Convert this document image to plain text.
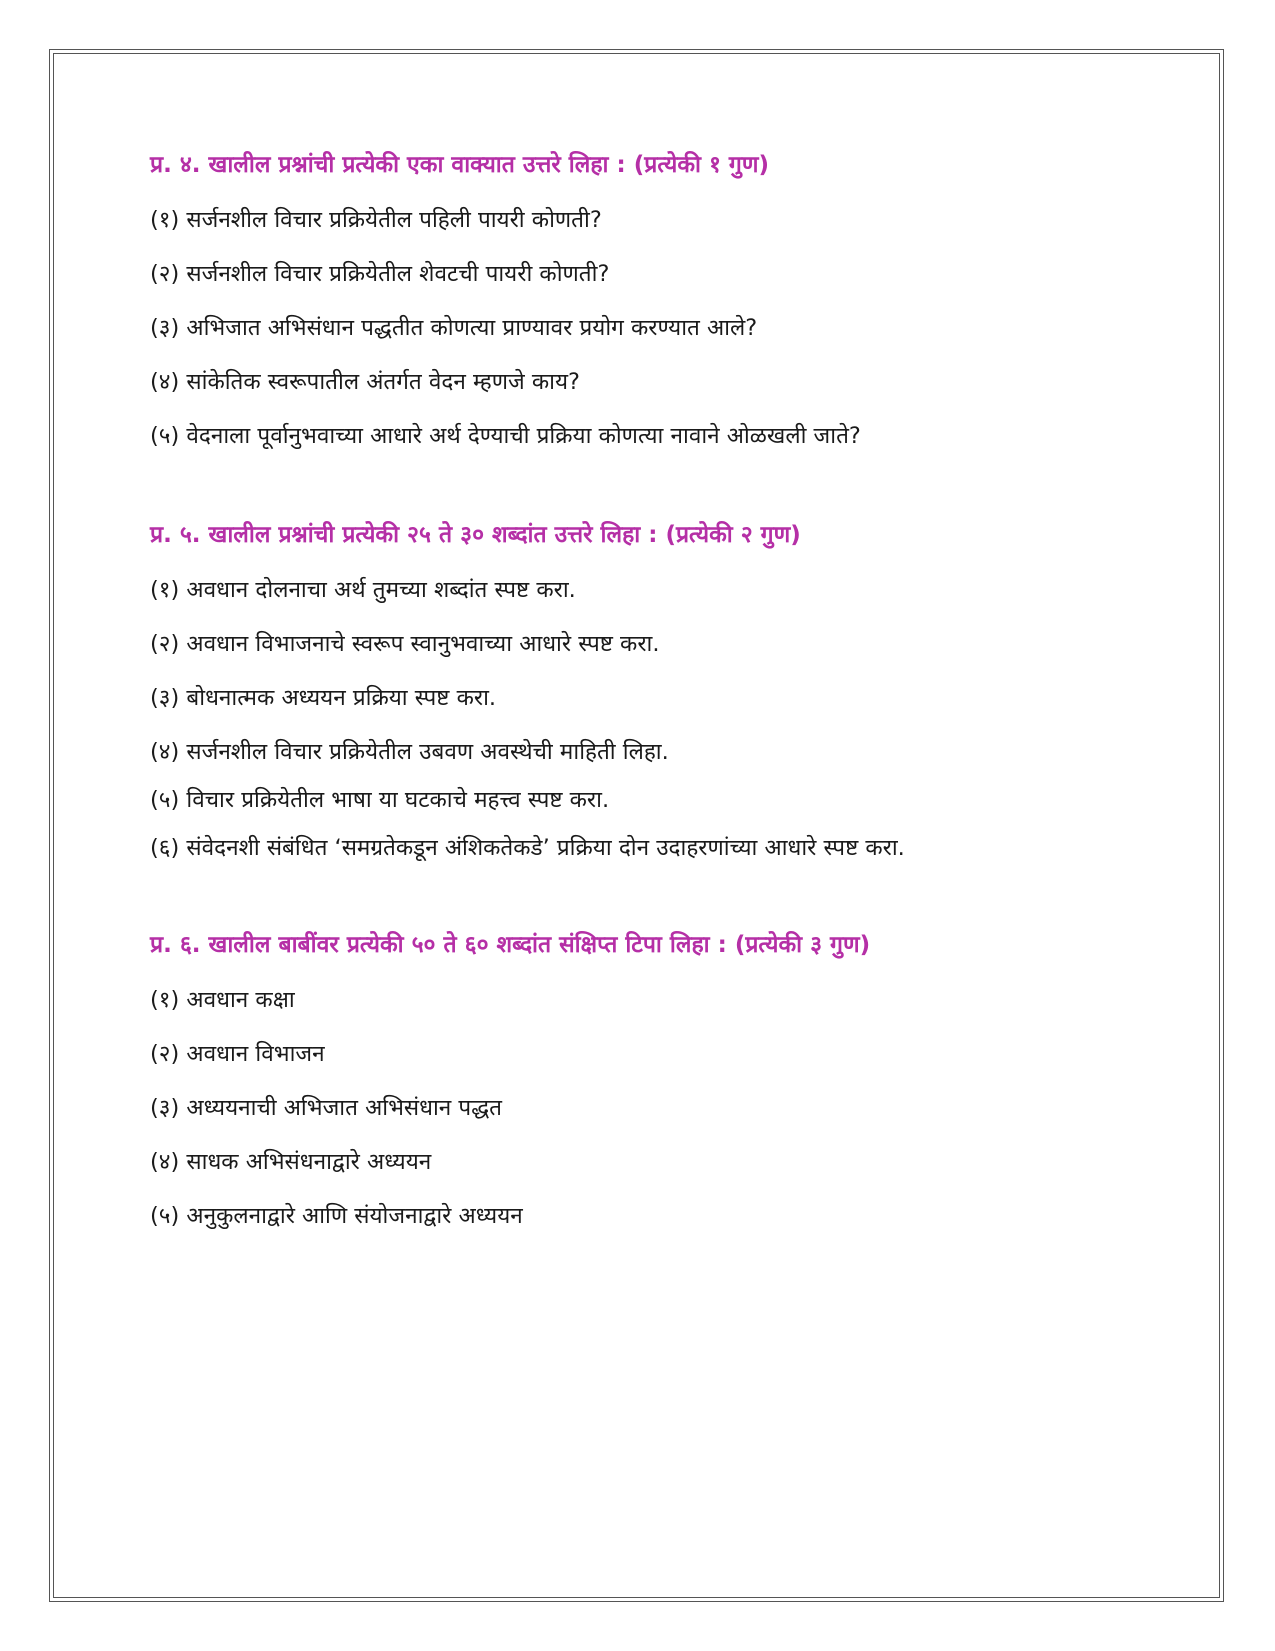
प्र. ४. खालील प्रश्नांची प्रत्येकी एका वाक्यात उत्तरे लिहा : (प्रत्येकी १ गुण)
(१) सर्जनशील विचार प्रक्रियेतील पहिली पायरी कोणती?
(२) सर्जनशील विचार प्रक्रियेतील शेवटची पायरी कोणती?
(३) अभिजात अभिसंधान पद्धतीत कोणत्या प्राण्यावर प्रयोग करण्यात आले?
(४) सांकेतिक स्वरूपातील अंतर्गत वेदन म्हणजे काय?
(५) वेदनाला पूर्वानुभवाच्या आधारे अर्थ देण्याची प्रक्रिया कोणत्या नावाने ओळखली जाते?
प्र. ५. खालील प्रश्नांची प्रत्येकी २५ ते ३० शब्दांत उत्तरे लिहा : (प्रत्येकी २ गुण)
(१) अवधान दोलनाचा अर्थ तुमच्या शब्दांत स्पष्ट करा.
(२) अवधान विभाजनाचे स्वरूप स्वानुभवाच्या आधारे स्पष्ट करा.
(३) बोधनात्मक अध्ययन प्रक्रिया स्पष्ट करा.
(४) सर्जनशील विचार प्रक्रियेतील उबवण अवस्थेची माहिती लिहा.
(५) विचार प्रक्रियेतील भाषा या घटकाचे महत्त्व स्पष्ट करा.
(६) संवेदनशी संबंधित ‘समग्रतेकडून अंशिकतेकडे’ प्रक्रिया दोन उदाहरणांच्या आधारे स्पष्ट करा.
प्र. ६. खालील बाबींवर प्रत्येकी ५० ते ६० शब्दांत संक्षिप्त टिपा लिहा : (प्रत्येकी ३ गुण)
(१) अवधान कक्षा
(२) अवधान विभाजन
(३) अध्ययनाची अभिजात अभिसंधान पद्धत
(४) साधक अभिसंधनाद्वारे अध्ययन
(५) अनुकुलनाद्वारे आणि संयोजनाद्वारे अध्ययन
